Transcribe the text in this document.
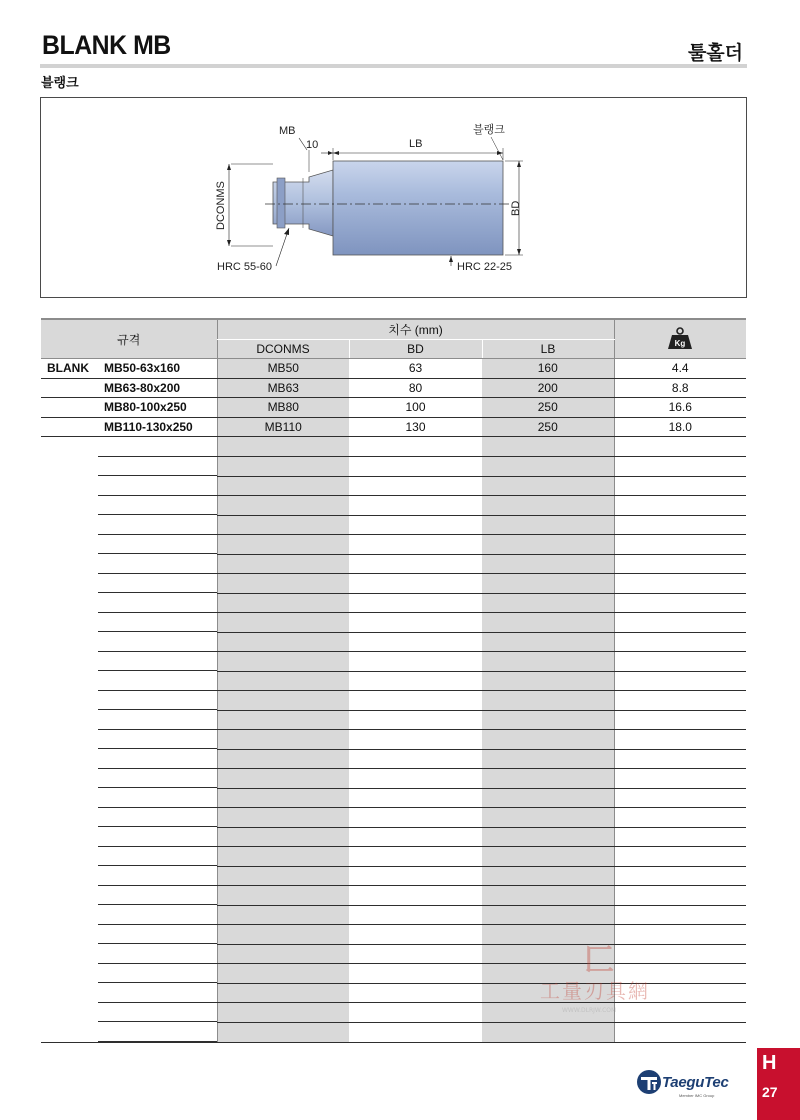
BLANK MB	툴홀더
블랭크
MB
10	LB
블랭크
DCONMS	BD
HRC 55-60	HRC 22-25
규격	치수 (mm)			Kg

	DCONMS	BD	LB	
BLANK MB50-63x160	MB50	63	160	4.4
MB63-80x200	MB63	80	200	8.8
MB80-100x250	MB80	100	250	16.6
MB110-130x250	MB110	130	250	18.0

匚
工量刃具網
WWW.DLRJW.COM
TaeguTec
Member IMC Group
H
27
